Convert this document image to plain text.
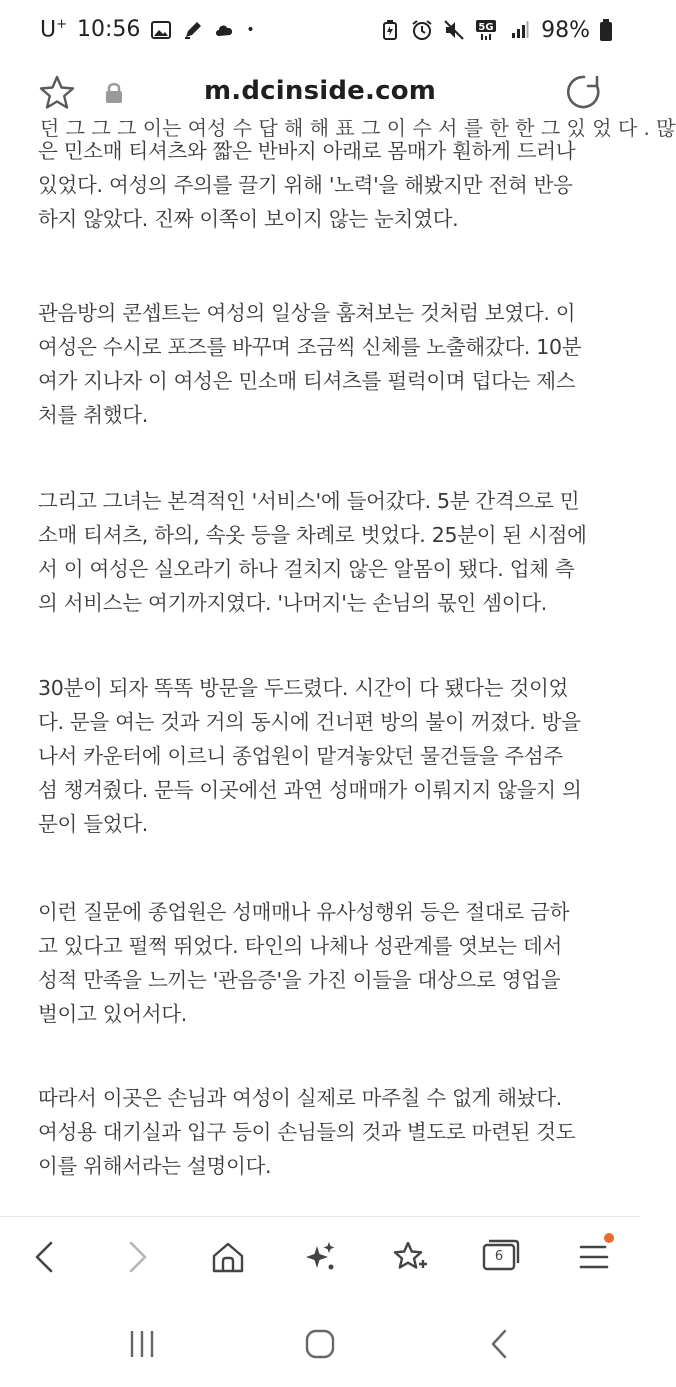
U+ 10:56	•	5G 98%
m.dcinside.com
던 그 그 그 이는 여성 수 답 해 해 표 그 이 수 서 를 한 한 그 있 었 다 . 많
은 민소매 티셔츠와 짧은 반바지 아래로 몸매가 훤하게 드러나
있었다. 여성의 주의를 끌기 위해 '노력'을 해봤지만 전혀 반응
하지 않았다. 진짜 이쪽이 보이지 않는 눈치였다.
관음방의 콘셉트는 여성의 일상을 훔쳐보는 것처럼 보였다. 이
여성은 수시로 포즈를 바꾸며 조금씩 신체를 노출해갔다. 10분
여가 지나자 이 여성은 민소매 티셔츠를 펄럭이며 덥다는 제스
처를 취했다.
그리고 그녀는 본격적인 '서비스'에 들어갔다. 5분 간격으로 민
소매 티셔츠, 하의, 속옷 등을 차례로 벗었다. 25분이 된 시점에
서 이 여성은 실오라기 하나 걸치지 않은 알몸이 됐다. 업체 측
의 서비스는 여기까지였다. '나머지'는 손님의 몫인 셈이다.
30분이 되자 똑똑 방문을 두드렸다. 시간이 다 됐다는 것이었
다. 문을 여는 것과 거의 동시에 건너편 방의 불이 꺼졌다. 방을
나서 카운터에 이르니 종업원이 맡겨놓았던 물건들을 주섬주
섬 챙겨줬다. 문득 이곳에선 과연 성매매가 이뤄지지 않을지 의
문이 들었다.
이런 질문에 종업원은 성매매나 유사성행위 등은 절대로 금하
고 있다고 펄쩍 뛰었다. 타인의 나체나 성관계를 엿보는 데서
성적 만족을 느끼는 '관음증'을 가진 이들을 대상으로 영업을
벌이고 있어서다.
따라서 이곳은 손님과 여성이 실제로 마주칠 수 없게 해놨다.
여성용 대기실과 입구 등이 손님들의 것과 별도로 마련된 것도
이를 위해서라는 설명이다.
6
